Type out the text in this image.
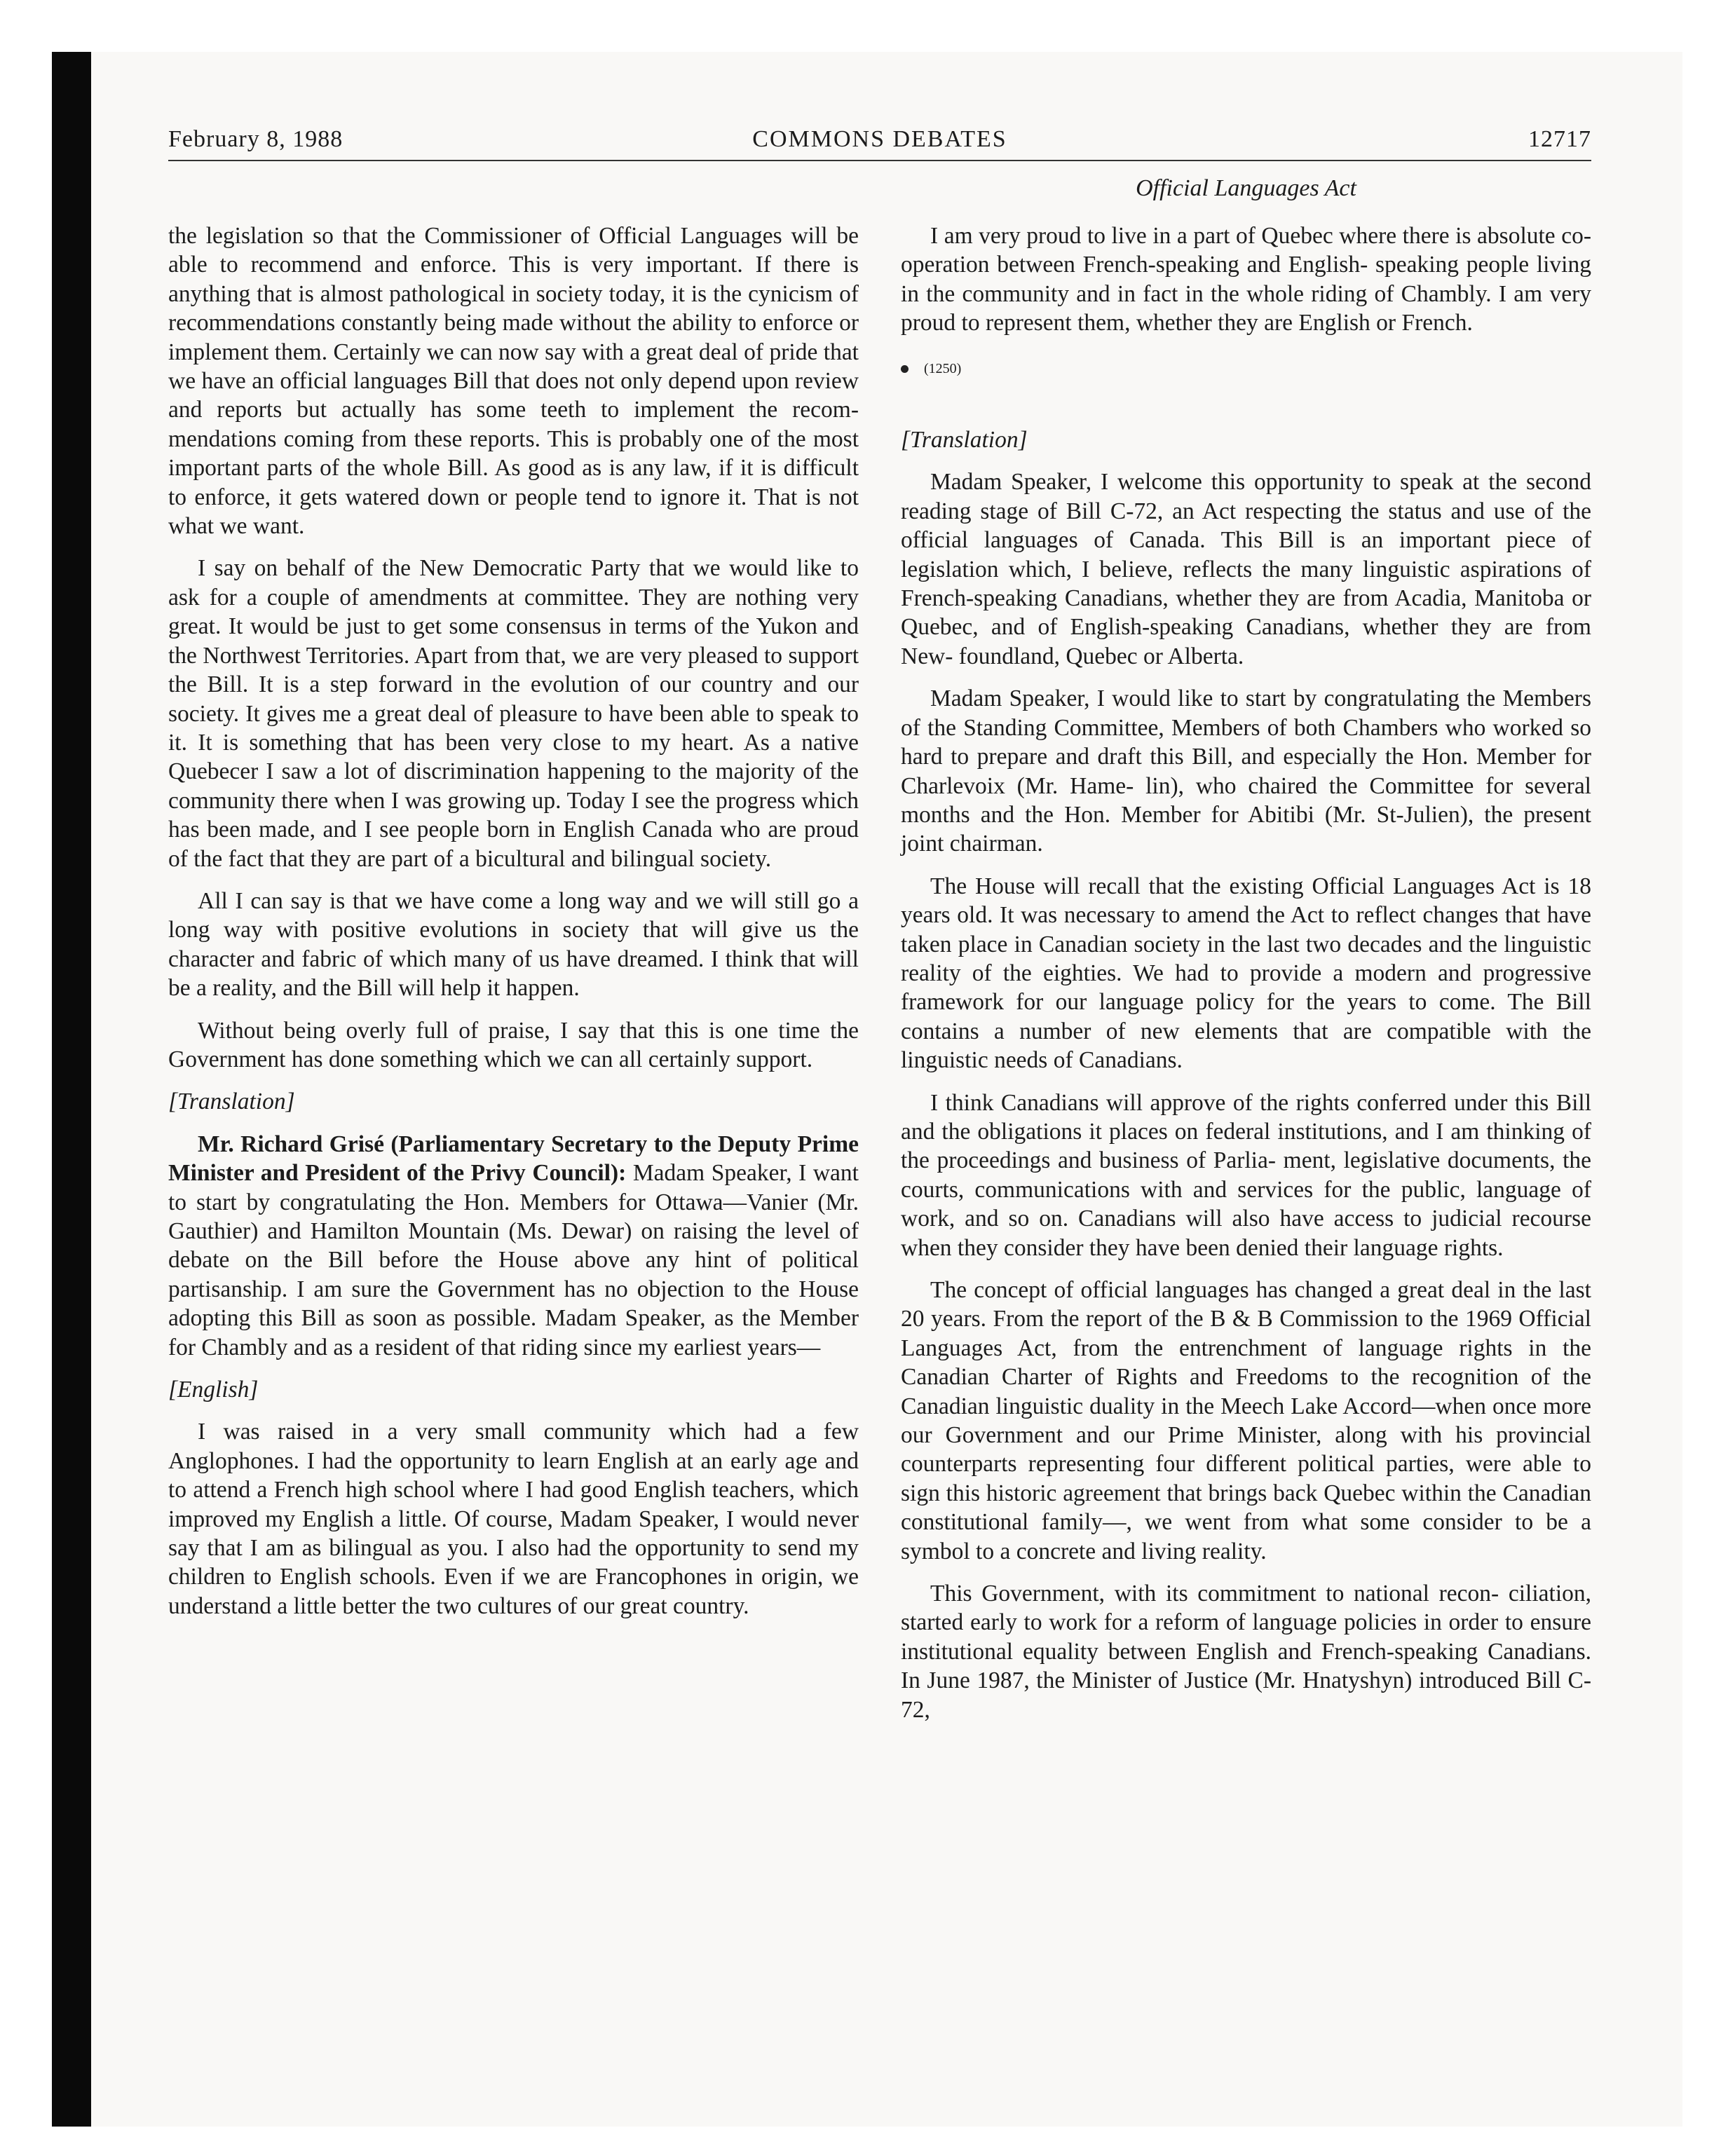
February 8, 1988	COMMONS DEBATES	12717
Official Languages Act

the legislation so that the Commissioner of Official Languages will be able to recommend and enforce. This is very important. If there is anything that is almost pathological in society today, it is the cynicism of recommendations constantly being made without the ability to enforce or implement them. Certainly we can now say with a great deal of pride that we have an official languages Bill that does not only depend upon review and reports but actually has some teeth to implement the recom- mendations coming from these reports. This is probably one of the most important parts of the whole Bill. As good as is any law, if it is difficult to enforce, it gets watered down or people tend to ignore it. That is not what we want.

I say on behalf of the New Democratic Party that we would like to ask for a couple of amendments at committee. They are nothing very great. It would be just to get some consensus in terms of the Yukon and the Northwest Territories. Apart from that, we are very pleased to support the Bill. It is a step forward in the evolution of our country and our society. It gives me a great deal of pleasure to have been able to speak to it. It is something that has been very close to my heart. As a native Quebecer I saw a lot of discrimination happening to the majority of the community there when I was growing up. Today I see the progress which has been made, and I see people born in English Canada who are proud of the fact that they are part of a bicultural and bilingual society.

All I can say is that we have come a long way and we will still go a long way with positive evolutions in society that will give us the character and fabric of which many of us have dreamed. I think that will be a reality, and the Bill will help it happen.

Without being overly full of praise, I say that this is one time the Government has done something which we can all certainly support.

[Translation]

Mr. Richard Grisé (Parliamentary Secretary to the Deputy Prime Minister and President of the Privy Council): Madam Speaker, I want to start by congratulating the Hon. Members for Ottawa—Vanier (Mr. Gauthier) and Hamilton Mountain (Ms. Dewar) on raising the level of debate on the Bill before the House above any hint of political partisanship. I am sure the Government has no objection to the House adopting this Bill as soon as possible. Madam Speaker, as the Member for Chambly and as a resident of that riding since my earliest years—

[English]

I was raised in a very small community which had a few Anglophones. I had the opportunity to learn English at an early age and to attend a French high school where I had good English teachers, which improved my English a little. Of course, Madam Speaker, I would never say that I am as bilingual as you. I also had the opportunity to send my children to English schools. Even if we are Francophones in origin, we understand a little better the two cultures of our great country.

I am very proud to live in a part of Quebec where there is absolute co-operation between French-speaking and English- speaking people living in the community and in fact in the whole riding of Chambly. I am very proud to represent them, whether they are English or French.

(1250)
[Translation]

Madam Speaker, I welcome this opportunity to speak at the second reading stage of Bill C-72, an Act respecting the status and use of the official languages of Canada. This Bill is an important piece of legislation which, I believe, reflects the many linguistic aspirations of French-speaking Canadians, whether they are from Acadia, Manitoba or Quebec, and of English-speaking Canadians, whether they are from New- foundland, Quebec or Alberta.

Madam Speaker, I would like to start by congratulating the Members of the Standing Committee, Members of both Chambers who worked so hard to prepare and draft this Bill, and especially the Hon. Member for Charlevoix (Mr. Hame- lin), who chaired the Committee for several months and the Hon. Member for Abitibi (Mr. St-Julien), the present joint chairman.

The House will recall that the existing Official Languages Act is 18 years old. It was necessary to amend the Act to reflect changes that have taken place in Canadian society in the last two decades and the linguistic reality of the eighties. We had to provide a modern and progressive framework for our language policy for the years to come. The Bill contains a number of new elements that are compatible with the linguistic needs of Canadians.

I think Canadians will approve of the rights conferred under this Bill and the obligations it places on federal institutions, and I am thinking of the proceedings and business of Parlia- ment, legislative documents, the courts, communications with and services for the public, language of work, and so on. Canadians will also have access to judicial recourse when they consider they have been denied their language rights.

The concept of official languages has changed a great deal in the last 20 years. From the report of the B & B Commission to the 1969 Official Languages Act, from the entrenchment of language rights in the Canadian Charter of Rights and Freedoms to the recognition of the Canadian linguistic duality in the Meech Lake Accord—when once more our Government and our Prime Minister, along with his provincial counterparts representing four different political parties, were able to sign this historic agreement that brings back Quebec within the Canadian constitutional family—, we went from what some consider to be a symbol to a concrete and living reality.

This Government, with its commitment to national recon- ciliation, started early to work for a reform of language policies in order to ensure institutional equality between English and French-speaking Canadians. In June 1987, the Minister of Justice (Mr. Hnatyshyn) introduced Bill C-72,
